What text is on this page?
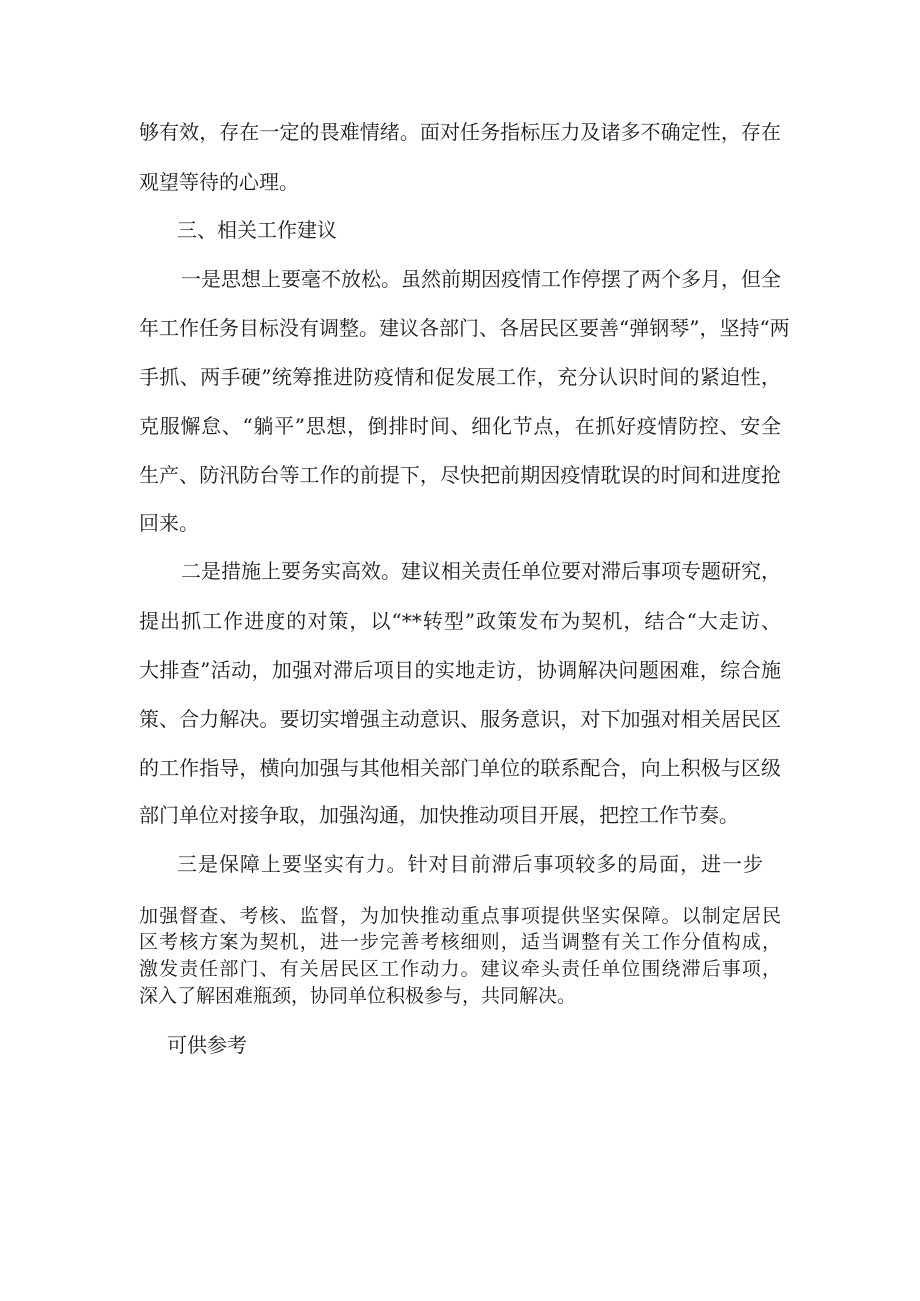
够有效，存在一定的畏难情绪。面对任务指标压力及诸多不确定性，存在
观望等待的心理。
三、相关工作建议
一是思想上要毫不放松。虽然前期因疫情工作停摆了两个多月，但全
年工作任务目标没有调整。建议各部门、各居民区要善“弹钢琴”，坚持“两
手抓、两手硬”统筹推进防疫情和促发展工作，充分认识时间的紧迫性，
克服懈怠、“躺平”思想，倒排时间、细化节点，在抓好疫情防控、安全
生产、防汛防台等工作的前提下，尽快把前期因疫情耽误的时间和进度抢
回来。
二是措施上要务实高效。建议相关责任单位要对滞后事项专题研究，
提出抓工作进度的对策，以“**转型”政策发布为契机，结合“大走访、
大排查”活动，加强对滞后项目的实地走访，协调解决问题困难，综合施
策、合力解决。要切实增强主动意识、服务意识，对下加强对相关居民区
的工作指导，横向加强与其他相关部门单位的联系配合，向上积极与区级
部门单位对接争取，加强沟通，加快推动项目开展，把控工作节奏。
三是保障上要坚实有力。针对目前滞后事项较多的局面，进一步
加强督查、考核、监督，为加快推动重点事项提供坚实保障。以制定居民
区考核方案为契机，进一步完善考核细则，适当调整有关工作分值构成，
激发责任部门、有关居民区工作动力。建议牵头责任单位围绕滞后事项，
深入了解困难瓶颈，协同单位积极参与，共同解决。
可供参考
